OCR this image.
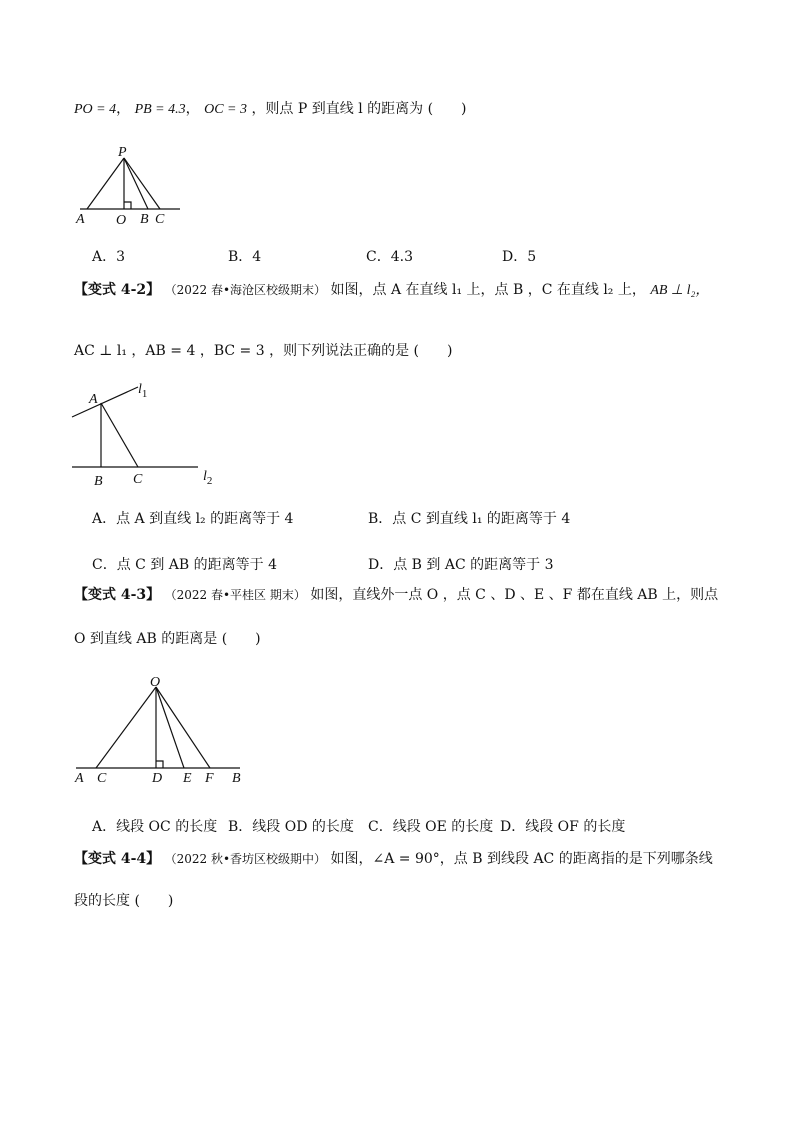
PO = 4， PB = 4.3， OC = 3 ，则点 P 到直线 l 的距离为 (　　)
P
A O B C
A．3	B．4	C．4.3	D．5
【变式 4-2】 （2022 春•海沧区校级期末） 如图，点 A 在直线 l₁ 上，点 B ，C 在直线 l₂ 上， AB ⊥ l₂，
AC ⊥ l₁ ，AB = 4 ，BC = 3 ，则下列说法正确的是 (　　)
A
$l_1$
B C	$l_2$
A．点 A 到直线 l₂ 的距离等于 4	B．点 C 到直线 l₁ 的距离等于 4
C．点 C 到 AB 的距离等于 4	D．点 B 到 AC 的距离等于 3
【变式 4-3】 （2022 春•平桂区 期末） 如图，直线外一点 O ，点 C 、D 、E 、F 都在直线 AB 上，则点
O 到直线 AB 的距离是 (　　)
O
A C	D E F B
A．线段 OC 的长度 B．线段 OD 的长度 C．线段 OE 的长度 D．线段 OF 的长度
【变式 4-4】 （2022 秋•香坊区校级期中） 如图，∠A = 90°，点 B 到线段 AC 的距离指的是下列哪条线
段的长度 (　　)
